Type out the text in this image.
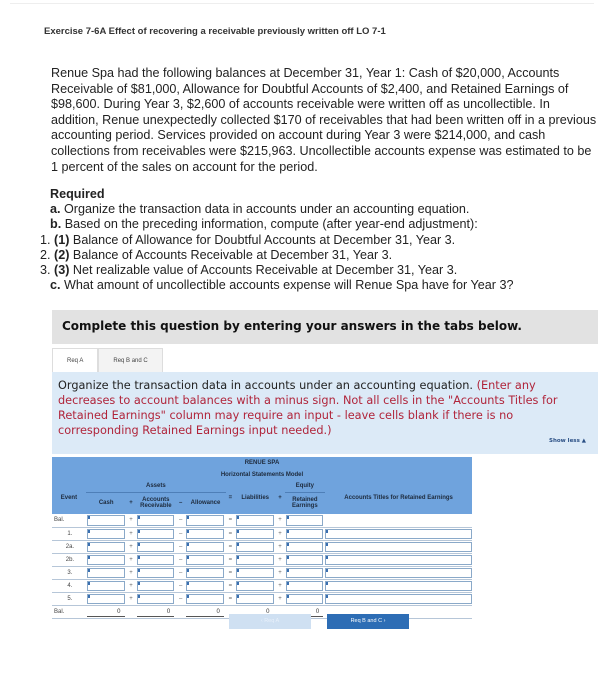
Exercise 7-6A Effect of recovering a receivable previously written off LO 7-1
Renue Spa had the following balances at December 31, Year 1: Cash of $20,000, Accounts Receivable of $81,000, Allowance for Doubtful Accounts of $2,400, and Retained Earnings of $98,600. During Year 3, $2,600 of accounts receivable were written off as uncollectible. In addition, Renue unexpectedly collected $170 of receivables that had been written off in a previous accounting period. Services provided on account during Year 3 were $214,000, and cash collections from receivables were $215,963. Uncollectible accounts expense was estimated to be 1 percent of the sales on account for the period.
Required
a. Organize the transaction data in accounts under an accounting equation.
b. Based on the preceding information, compute (after year-end adjustment):
1. (1) Balance of Allowance for Doubtful Accounts at December 31, Year 3.
2. (2) Balance of Accounts Receivable at December 31, Year 3.
3. (3) Net realizable value of Accounts Receivable at December 31, Year 3.
c. What amount of uncollectible accounts expense will Renue Spa have for Year 3?
Complete this question by entering your answers in the tabs below.
Req A	Req B and C
Organize the transaction data in accounts under an accounting equation. (Enter any decreases to account balances with a minus sign. Not all cells in the "Accounts Titles for Retained Earnings" column may require an input - leave cells blank if there is no corresponding Retained Earnings input needed.)
Show less ▲
RENUE SPA										
Horizontal Statements Model										
Event	Assets					=	Liabilities	+	Equity	Accounts Titles for Retained Earnings
	Cash	+	Accounts Receivable	–	Allowance				Retained Earnings	
Bal.		+		–		=		+	

1.		+		–		=		+	

2a.		+		–		=		+	

2b.		+		–		=		+	

3.		+		–		=		+	

4.		+		–		=		+	

5.		+		–		=		+	

Bal.	0		0		0		0		0	

‹ Req A	Req B and C ›
